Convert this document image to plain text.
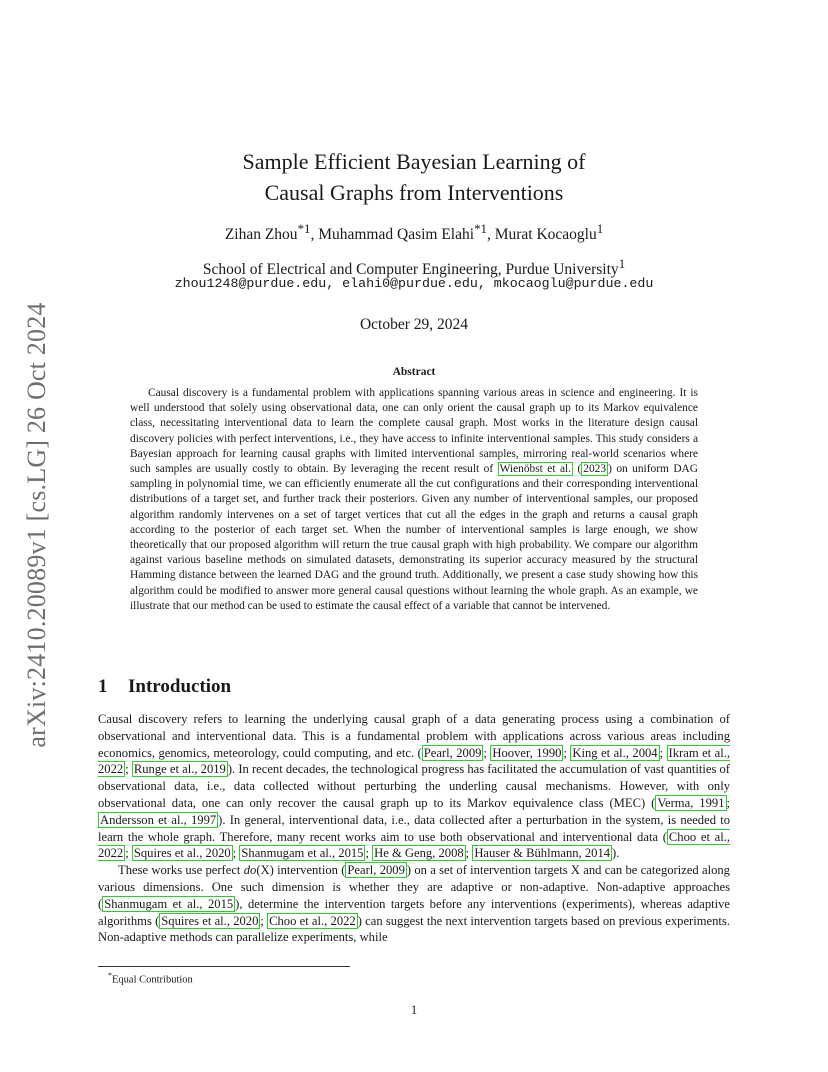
arXiv:2410.20089v1 [cs.LG] 26 Oct 2024
Sample Efficient Bayesian Learning of
Causal Graphs from Interventions
Zihan Zhou$^{*1}$, Muhammad Qasim Elahi$^{*1}$, Murat Kocaoglu$^1$
School of Electrical and Computer Engineering, Purdue University$^1$
zhou1248@purdue.edu, elahi0@purdue.edu, mkocaoglu@purdue.edu
October 29, 2024
Abstract

Causal discovery is a fundamental problem with applications spanning various areas in science and engineering. It is well understood that solely using observational data, one can only orient the causal graph up to its Markov equivalence class, necessitating interventional data to learn the complete causal graph. Most works in the literature design causal discovery policies with perfect interventions, i.e., they have access to infinite interventional samples. This study considers a Bayesian approach for learning causal graphs with limited interventional samples, mirroring real-world scenarios where such samples are usually costly to obtain. By leveraging the recent result of Wienöbst et al. ( 2023 ) on uniform DAG sampling in polynomial time, we can efficiently enumerate all the cut configurations and their corresponding interventional distributions of a target set, and further track their posteriors. Given any number of interventional samples, our proposed algorithm randomly intervenes on a set of target vertices that cut all the edges in the graph and returns a causal graph according to the posterior of each target set. When the number of interventional samples is large enough, we show theoretically that our proposed algorithm will return the true causal graph with high probability. We compare our algorithm against various baseline methods on simulated datasets, demonstrating its superior accuracy measured by the structural Hamming distance between the learned DAG and the ground truth. Additionally, we present a case study showing how this algorithm could be modified to answer more general causal questions without learning the whole graph. As an example, we illustrate that our method can be used to estimate the causal effect of a variable that cannot be intervened.

1 Introduction

Causal discovery refers to learning the underlying causal graph of a data generating process using a combination of observational and interventional data. This is a fundamental problem with applications across various areas including economics, genomics, meteorology, could computing, and etc. ( Pearl, 2009 ; Hoover, 1990 ; King et al., 2004 ; Ikram et al., 2022 ; Runge et al., 2019 ). In recent decades, the technological progress has facilitated the accumulation of vast quantities of observational data, i.e., data collected without perturbing the underling causal mechanisms. However, with only observational data, one can only recover the causal graph up to its Markov equivalence class (MEC) ( Verma, 1991 ; Andersson et al., 1997 ). In general, interventional data, i.e., data collected after a perturbation in the system, is needed to learn the whole graph. Therefore, many recent works aim to use both observational and interventional data ( Choo et al., 2022 ; Squires et al., 2020 ; Shanmugam et al., 2015 ; He & Geng, 2008 ; Hauser & Bühlmann, 2014 ).

These works use perfect do(X) intervention ( Pearl, 2009 ) on a set of intervention targets X and can be categorized along various dimensions. One such dimension is whether they are adaptive or non-adaptive. Non-adaptive approaches ( Shanmugam et al., 2015 ), determine the intervention targets before any interventions (experiments), whereas adaptive algorithms ( Squires et al., 2020 ; Choo et al., 2022 ) can suggest the next intervention targets based on previous experiments. Non-adaptive methods can parallelize experiments, while

*Equal Contribution
1
